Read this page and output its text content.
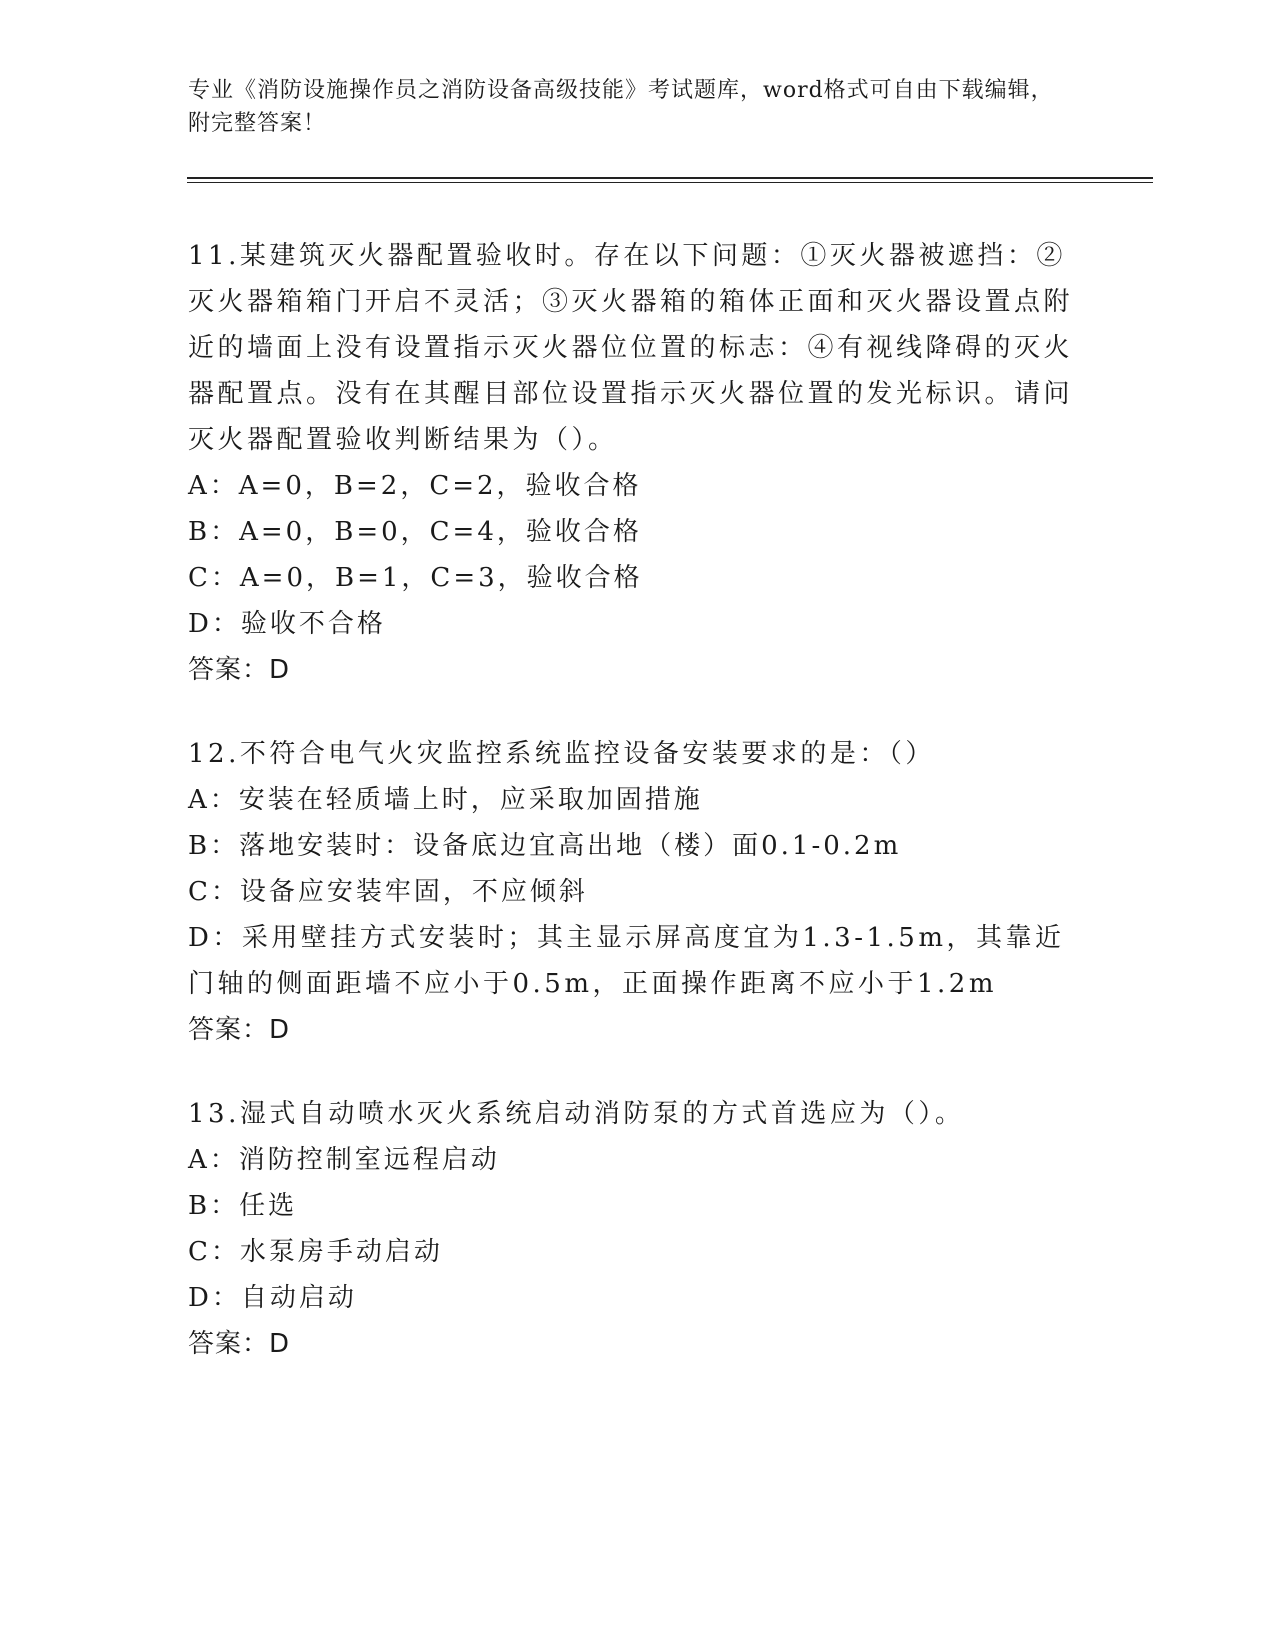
专业《消防设施操作员之消防设备高级技能》考试题库，word格式可自由下载编辑，附完整答案！

11.某建筑灭火器配置验收时。存在以下问题：①灭火器被遮挡：②灭火器箱箱门开启不灵活；③灭火器箱的箱体正面和灭火器设置点附近的墙面上没有设置指示灭火器位位置的标志：④有视线降碍的灭火器配置点。没有在其醒目部位设置指示灭火器位置的发光标识。请问灭火器配置验收判断结果为（）。

A：A=0，B=2，C=2，验收合格

B：A=0，B=0，C=4，验收合格

C：A=0，B=1，C=3，验收合格

D：验收不合格

答案：D

12.不符合电气火灾监控系统监控设备安装要求的是：（）

A：安装在轻质墙上时，应采取加固措施

B：落地安装时：设备底边宜高出地（楼）面0.1-0.2m

C：设备应安装牢固，不应倾斜

D：采用壁挂方式安装时；其主显示屏高度宜为1.3-1.5m，其靠近门轴的侧面距墙不应小于0.5m，正面操作距离不应小于1.2m

答案：D

13.湿式自动喷水灭火系统启动消防泵的方式首选应为（）。

A：消防控制室远程启动

B：任选

C：水泵房手动启动

D：自动启动

答案：D
